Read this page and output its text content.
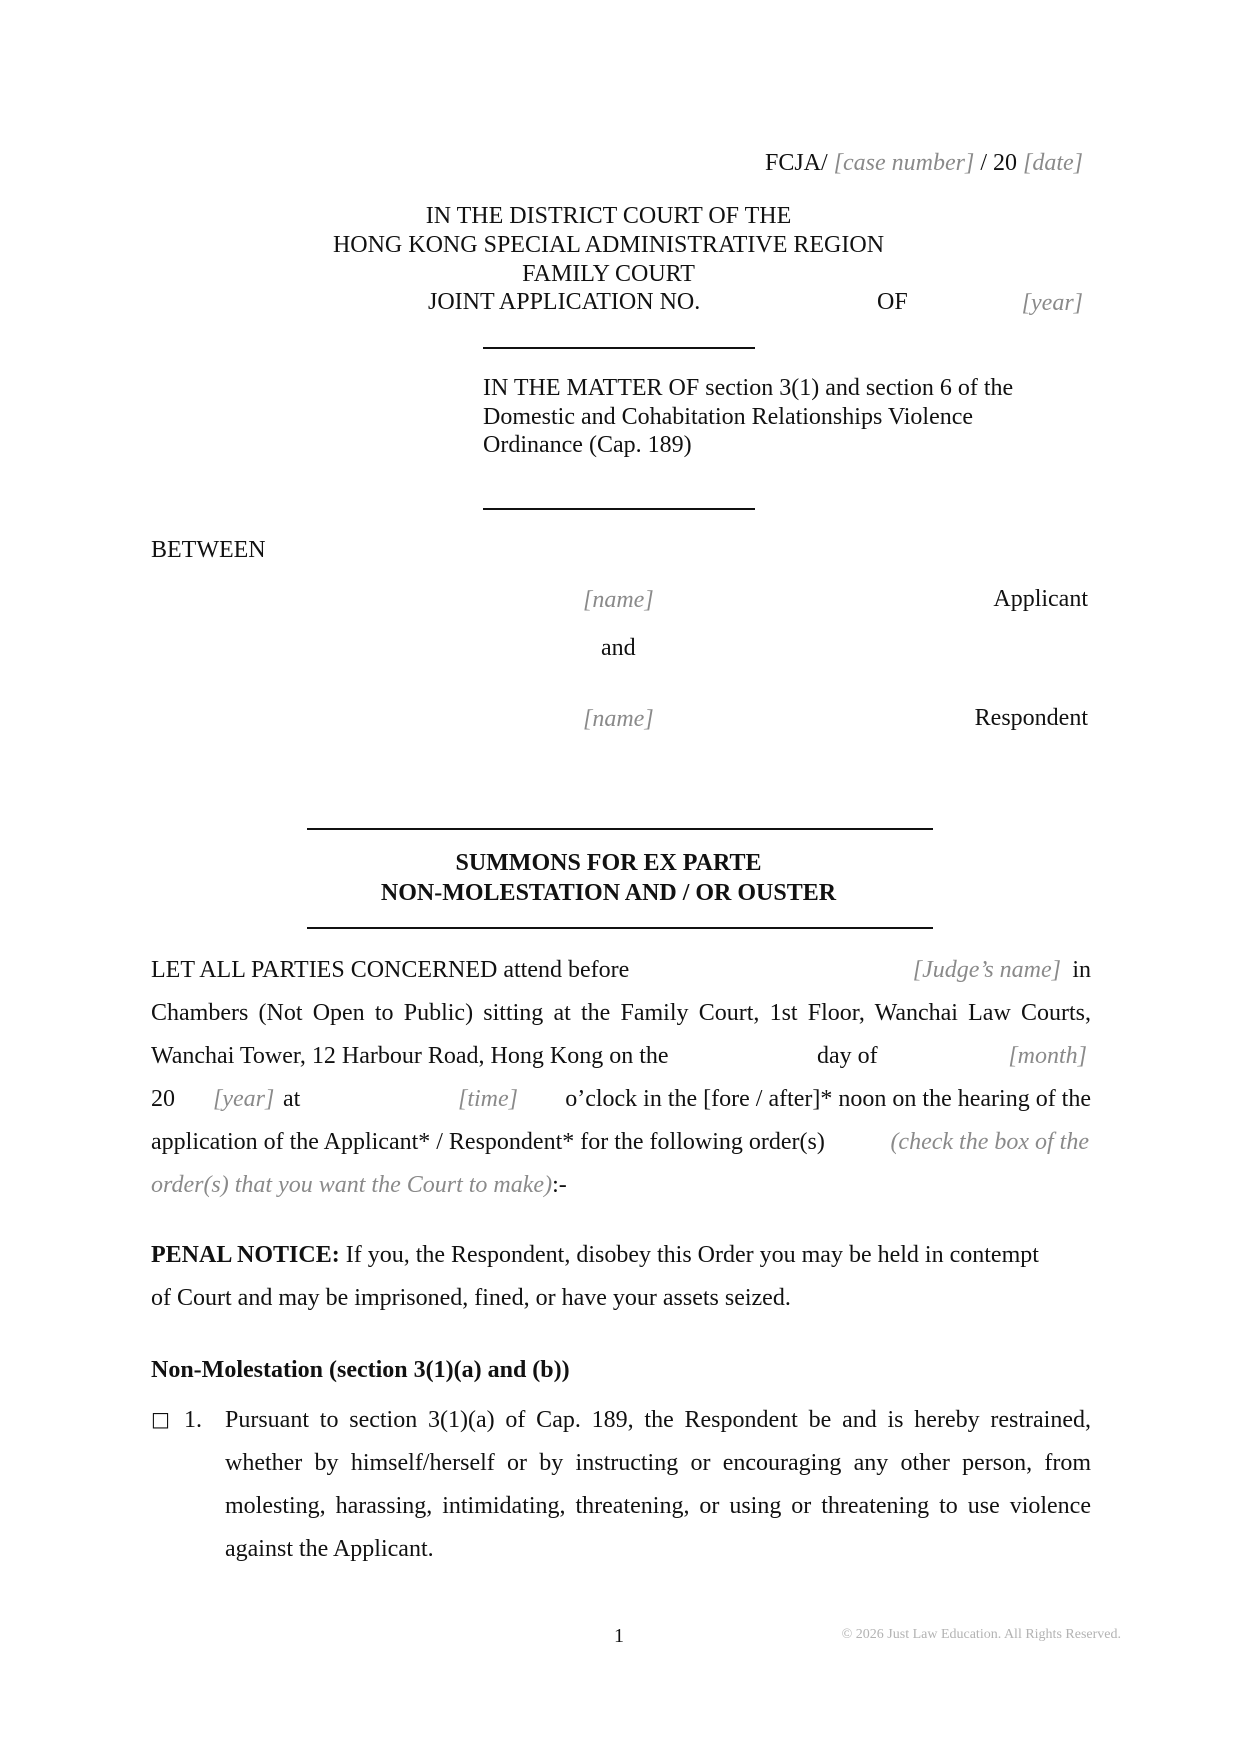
FCJA/ [case number] / 20 [date]
IN THE DISTRICT COURT OF THE
HONG KONG SPECIAL ADMINISTRATIVE REGION
FAMILY COURT
JOINT APPLICATION NO.	OF	[year]
IN THE MATTER OF section 3(1) and section 6 of the
Domestic and Cohabitation Relationships Violence
Ordinance (Cap. 189)
BETWEEN
[name]	Applicant
and
[name]	Respondent
SUMMONS FOR EX PARTE
NON-MOLESTATION AND / OR OUSTER
LET ALL PARTIES CONCERNED attend before	[Judge’s name] in
Chambers (Not Open to Public) sitting at the Family Court, 1st Floor, Wanchai Law Courts,
Wanchai Tower, 12 Harbour Road, Hong Kong on the	day of	[month]
20 [year] at	[time] o’clock in the [fore / after]* noon on the hearing of the
application of the Applicant* / Respondent* for the following order(s)	(check the box of the
order(s) that you want the Court to make):-
PENAL NOTICE: If you, the Respondent, disobey this Order you may be held in contempt
of Court and may be imprisoned, fined, or have your assets seized.
Non-Molestation (section 3(1)(a) and (b))
□ 1. Pursuant to section 3(1)(a) of Cap. 189, the Respondent be and is hereby restrained,
whether by himself/herself or by instructing or encouraging any other person, from
molesting, harassing, intimidating, threatening, or using or threatening to use violence
against the Applicant.
1	© 2026 Just Law Education. All Rights Reserved.
